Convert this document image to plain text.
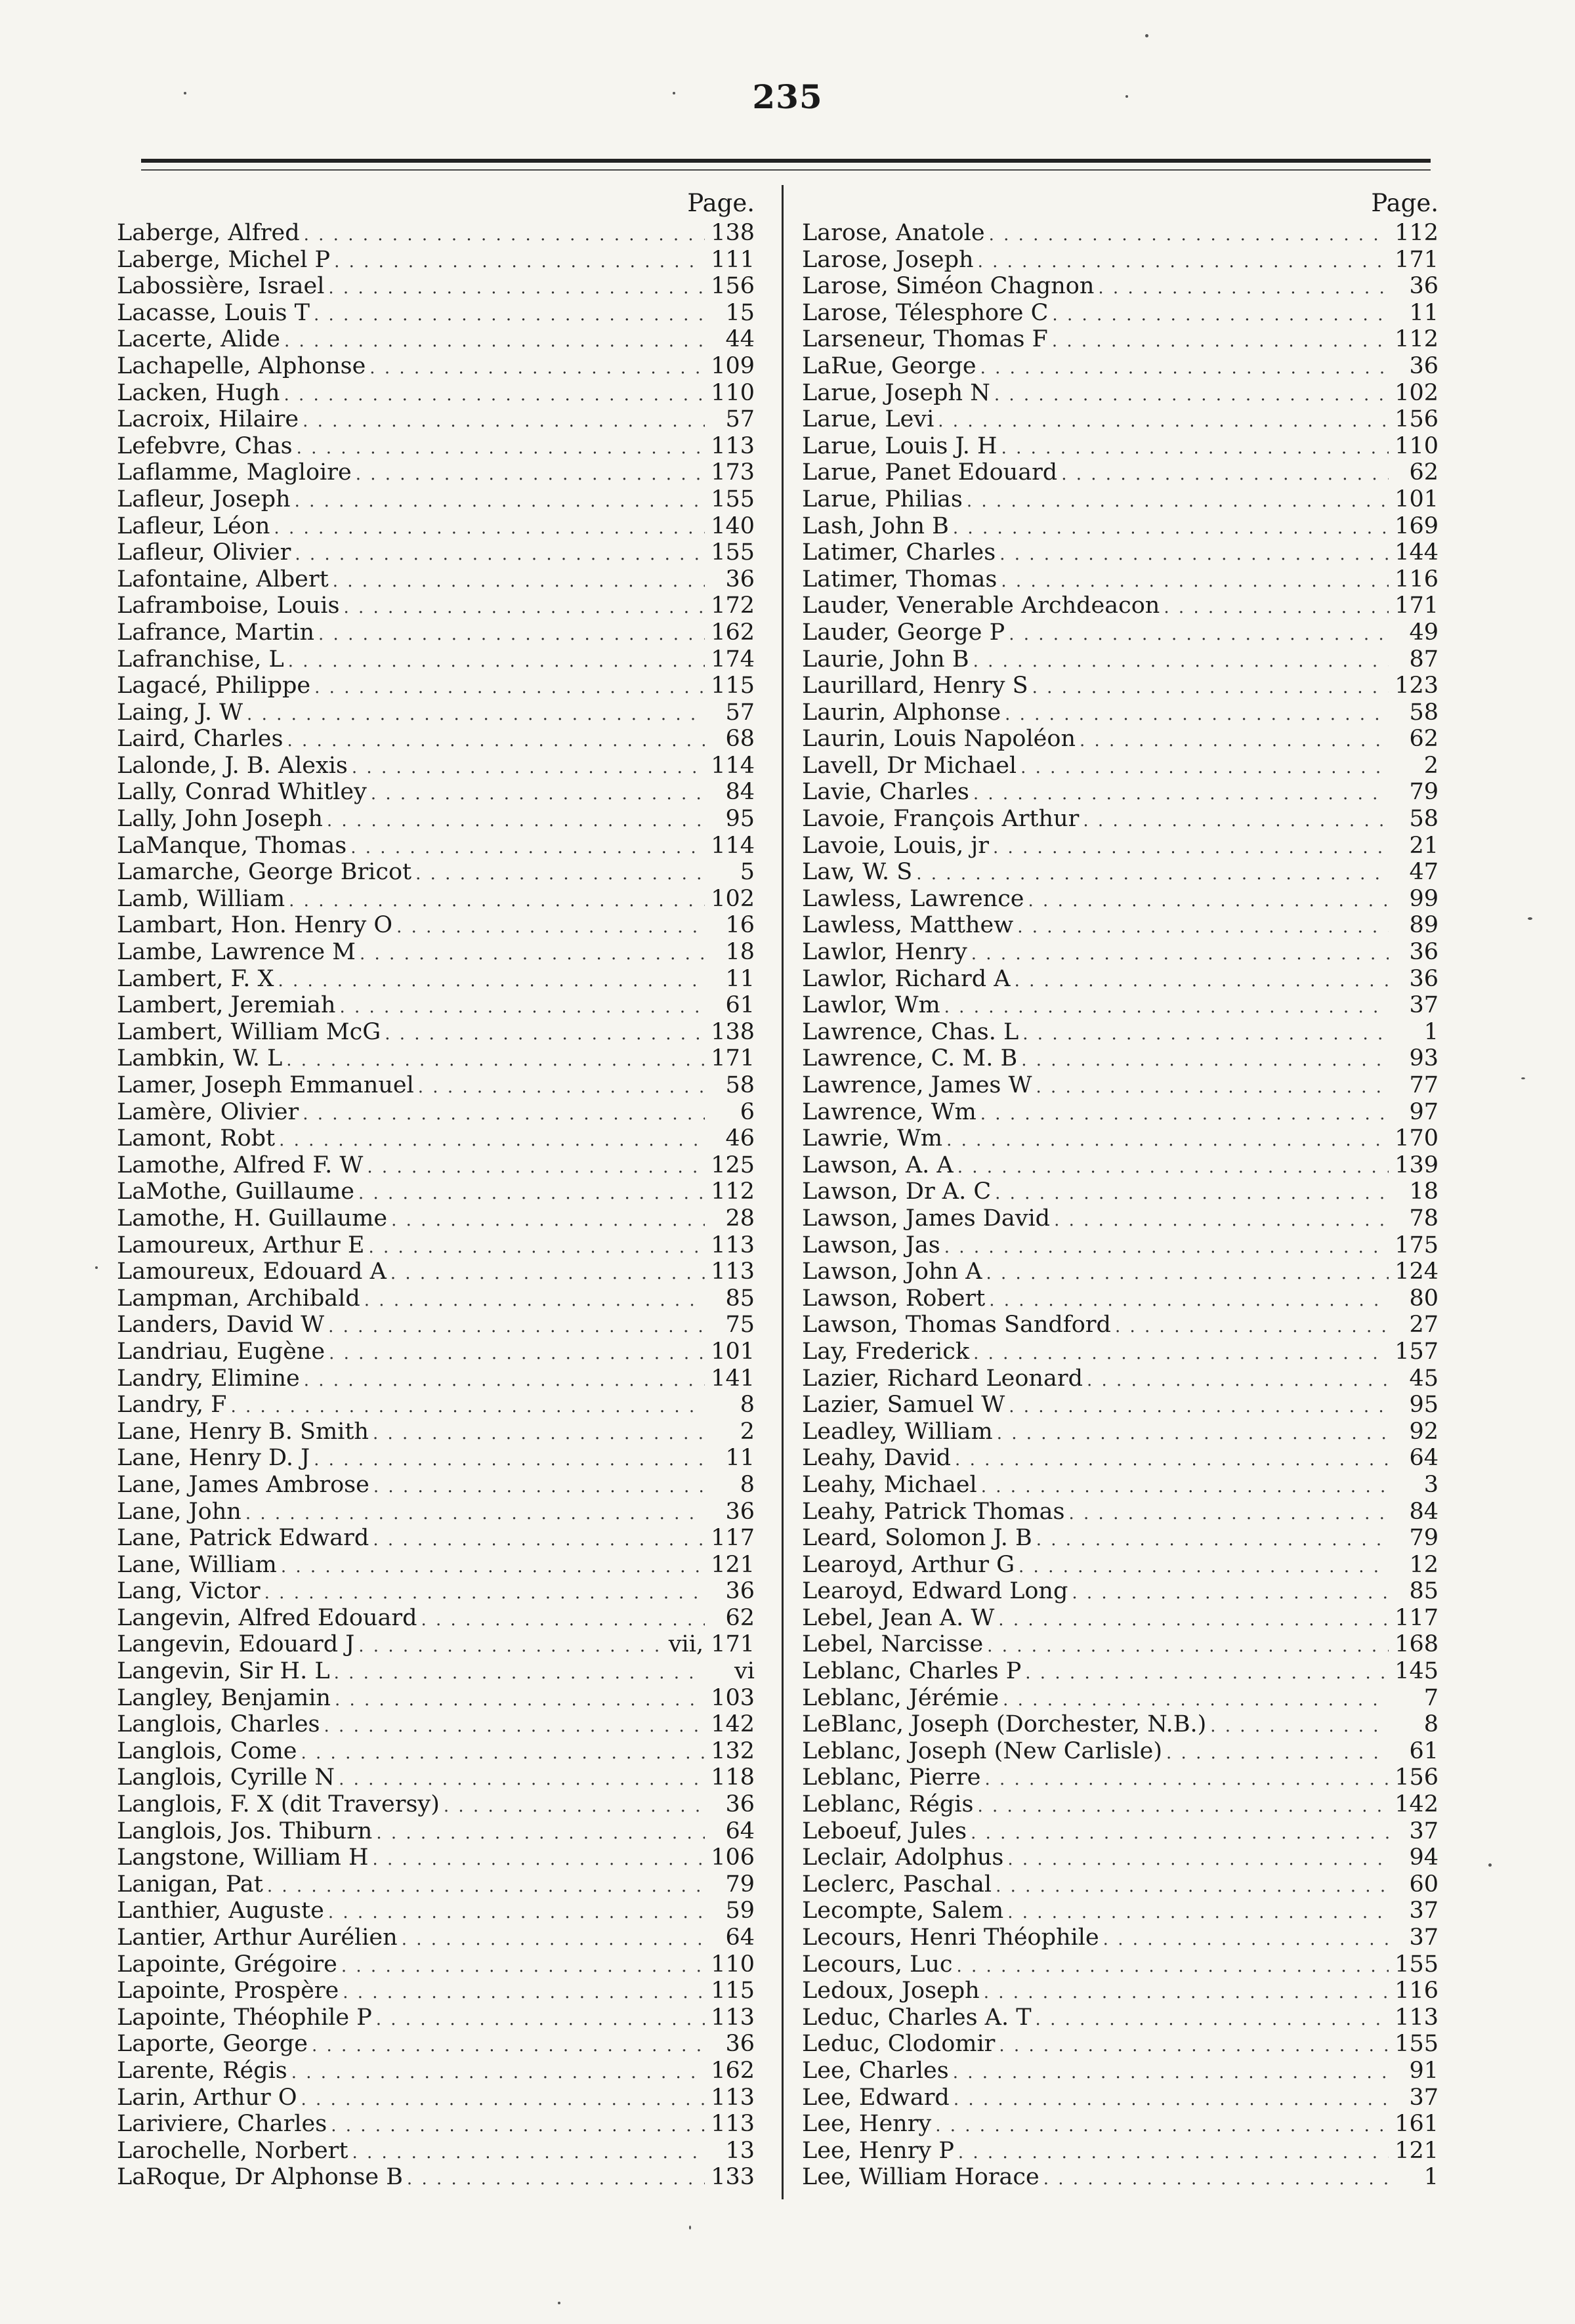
235
Page.
Laberge, Alfred . . .	138
Laberge, Michel P . . .	111
Labossière, Israel . . .	156
Lacasse, Louis T . . .	15
Lacerte, Alide . . .	44
Lachapelle, Alphonse . . .	109
Lacken, Hugh . . .	110
Lacroix, Hilaire . . .	57
Lefebvre, Chas . . .	113
Laflamme, Magloire . . .	173
Lafleur, Joseph . . .	155
Lafleur, Léon . . .	140
Lafleur, Olivier . . .	155
Lafontaine, Albert . . .	36
Laframboise, Louis . . .	172
Lafrance, Martin . . .	162
Lafranchise, L . . .	174
Lagacé, Philippe . . .	115
Laing, J. W . . .	57
Laird, Charles . . .	68
Lalonde, J. B. Alexis . . .	114
Lally, Conrad Whitley . . .	84
Lally, John Joseph . . .	95
LaManque, Thomas . . .	114
Lamarche, George Bricot . . .	5
Lamb, William . . .	102
Lambart, Hon. Henry O . . .	16
Lambe, Lawrence M . . .	18
Lambert, F. X . . .	11
Lambert, Jeremiah . . .	61
Lambert, William McG . . .	138
Lambkin, W. L . . .	171
Lamer, Joseph Emmanuel . . .	58
Lamère, Olivier . . .	6
Lamont, Robt . . .	46
Lamothe, Alfred F. W . . .	125
LaMothe, Guillaume . . .	112
Lamothe, H. Guillaume . . .	28
Lamoureux, Arthur E . . .	113
Lamoureux, Edouard A . . .	113
Lampman, Archibald . . .	85
Landers, David W . . .	75
Landriau, Eugène . . .	101
Landry, Elimine . . .	141
Landry, F . . .	8
Lane, Henry B. Smith . . .	2
Lane, Henry D. J . . .	11
Lane, James Ambrose . . .	8
Lane, John . . .	36
Lane, Patrick Edward . . .	117
Lane, William . . .	121
Lang, Victor . . .	36
Langevin, Alfred Edouard . . .	62
Langevin, Edouard J . . .	vii, 171
Langevin, Sir H. L . . .	vi
Langley, Benjamin . . .	103
Langlois, Charles . . .	142
Langlois, Come . . .	132
Langlois, Cyrille N . . .	118
Langlois, F. X (dit Traversy) . . .	36
Langlois, Jos. Thiburn . . .	64
Langstone, William H . . .	106
Lanigan, Pat . . .	79
Lanthier, Auguste . . .	59
Lantier, Arthur Aurélien . . .	64
Lapointe, Grégoire . . .	110
Lapointe, Prospère . . .	115
Lapointe, Théophile P . . .	113
Laporte, George . . .	36
Larente, Régis . . .	162
Larin, Arthur O . . .	113
Lariviere, Charles . . .	113
Larochelle, Norbert . . .	13
LaRoque, Dr Alphonse B . . .	133
Page.
Larose, Anatole . . .	112
Larose, Joseph . . .	171
Larose, Siméon Chagnon . . .	36
Larose, Télesphore C . . .	11
Larseneur, Thomas F . . .	112
LaRue, George . . .	36
Larue, Joseph N . . .	102
Larue, Levi . . .	156
Larue, Louis J. H . . .	110
Larue, Panet Edouard . . .	62
Larue, Philias . . .	101
Lash, John B . . .	169
Latimer, Charles . . .	144
Latimer, Thomas . . .	116
Lauder, Venerable Archdeacon . . .	171
Lauder, George P . . .	49
Laurie, John B . . .	87
Laurillard, Henry S . . .	123
Laurin, Alphonse . . .	58
Laurin, Louis Napoléon . . .	62
Lavell, Dr Michael . . .	2
Lavie, Charles . . .	79
Lavoie, François Arthur . . .	58
Lavoie, Louis, jr . . .	21
Law, W. S . . .	47
Lawless, Lawrence . . .	99
Lawless, Matthew . . .	89
Lawlor, Henry . . .	36
Lawlor, Richard A . . .	36
Lawlor, Wm . . .	37
Lawrence, Chas. L . . .	1
Lawrence, C. M. B . . .	93
Lawrence, James W . . .	77
Lawrence, Wm . . .	97
Lawrie, Wm . . .	170
Lawson, A. A . . .	139
Lawson, Dr A. C . . .	18
Lawson, James David . . .	78
Lawson, Jas . . .	175
Lawson, John A . . .	124
Lawson, Robert . . .	80
Lawson, Thomas Sandford . . .	27
Lay, Frederick . . .	157
Lazier, Richard Leonard . . .	45
Lazier, Samuel W . . .	95
Leadley, William . . .	92
Leahy, David . . .	64
Leahy, Michael . . .	3
Leahy, Patrick Thomas . . .	84
Leard, Solomon J. B . . .	79
Learoyd, Arthur G . . .	12
Learoyd, Edward Long . . .	85
Lebel, Jean A. W . . .	117
Lebel, Narcisse . . .	168
Leblanc, Charles P . . .	145
Leblanc, Jérémie . . .	7
LeBlanc, Joseph (Dorchester, N.B.) . . .	8
Leblanc, Joseph (New Carlisle) . . .	61
Leblanc, Pierre . . .	156
Leblanc, Régis . . .	142
Leboeuf, Jules . . .	37
Leclair, Adolphus . . .	94
Leclerc, Paschal . . .	60
Lecompte, Salem . . .	37
Lecours, Henri Théophile . . .	37
Lecours, Luc . . .	155
Ledoux, Joseph . . .	116
Leduc, Charles A. T . . .	113
Leduc, Clodomir . . .	155
Lee, Charles . . .	91
Lee, Edward . . .	37
Lee, Henry . . .	161
Lee, Henry P . . .	121
Lee, William Horace . . .	1
